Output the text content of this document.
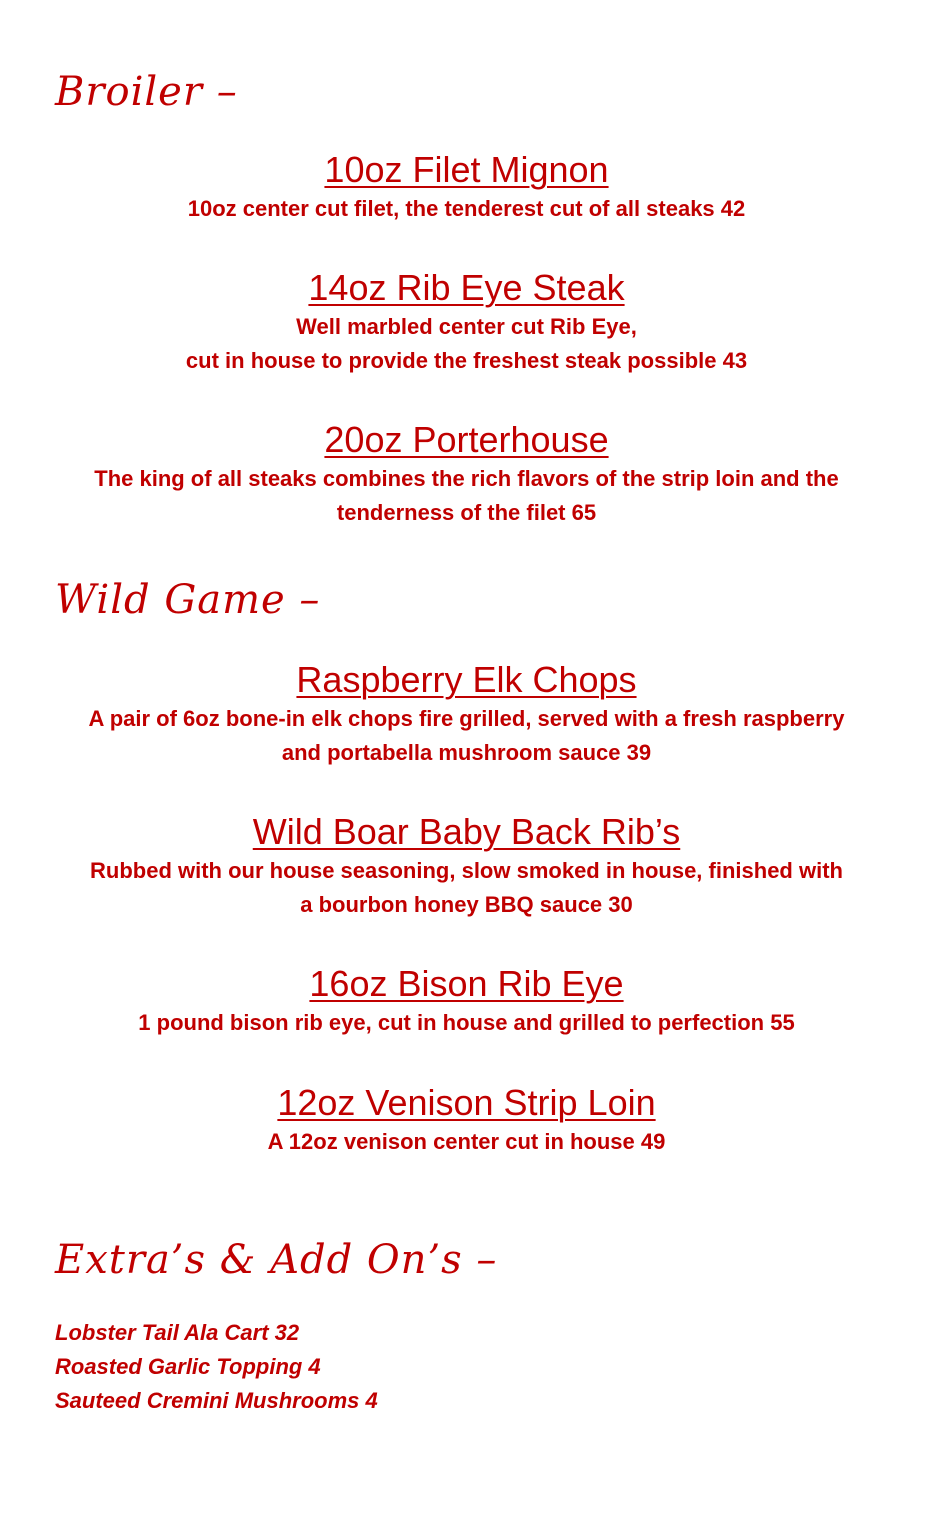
Broiler –

10oz Filet Mignon

10oz center cut filet, the tenderest cut of all steaks 42

14oz Rib Eye Steak

Well marbled center cut Rib Eye,
cut in house to provide the freshest steak possible 43

20oz Porterhouse

The king of all steaks combines the rich flavors of the strip loin and the
tenderness of the filet 65

Wild Game –

Raspberry Elk Chops

A pair of 6oz bone-in elk chops fire grilled, served with a fresh raspberry
and portabella mushroom sauce 39

Wild Boar Baby Back Rib’s

Rubbed with our house seasoning, slow smoked in house, finished with
a bourbon honey BBQ sauce 30

16oz Bison Rib Eye

1 pound bison rib eye, cut in house and grilled to perfection 55

12oz Venison Strip Loin

A 12oz venison center cut in house 49

Extra’s & Add On’s –
Lobster Tail Ala Cart 32
Roasted Garlic Topping 4
Sauteed Cremini Mushrooms 4
